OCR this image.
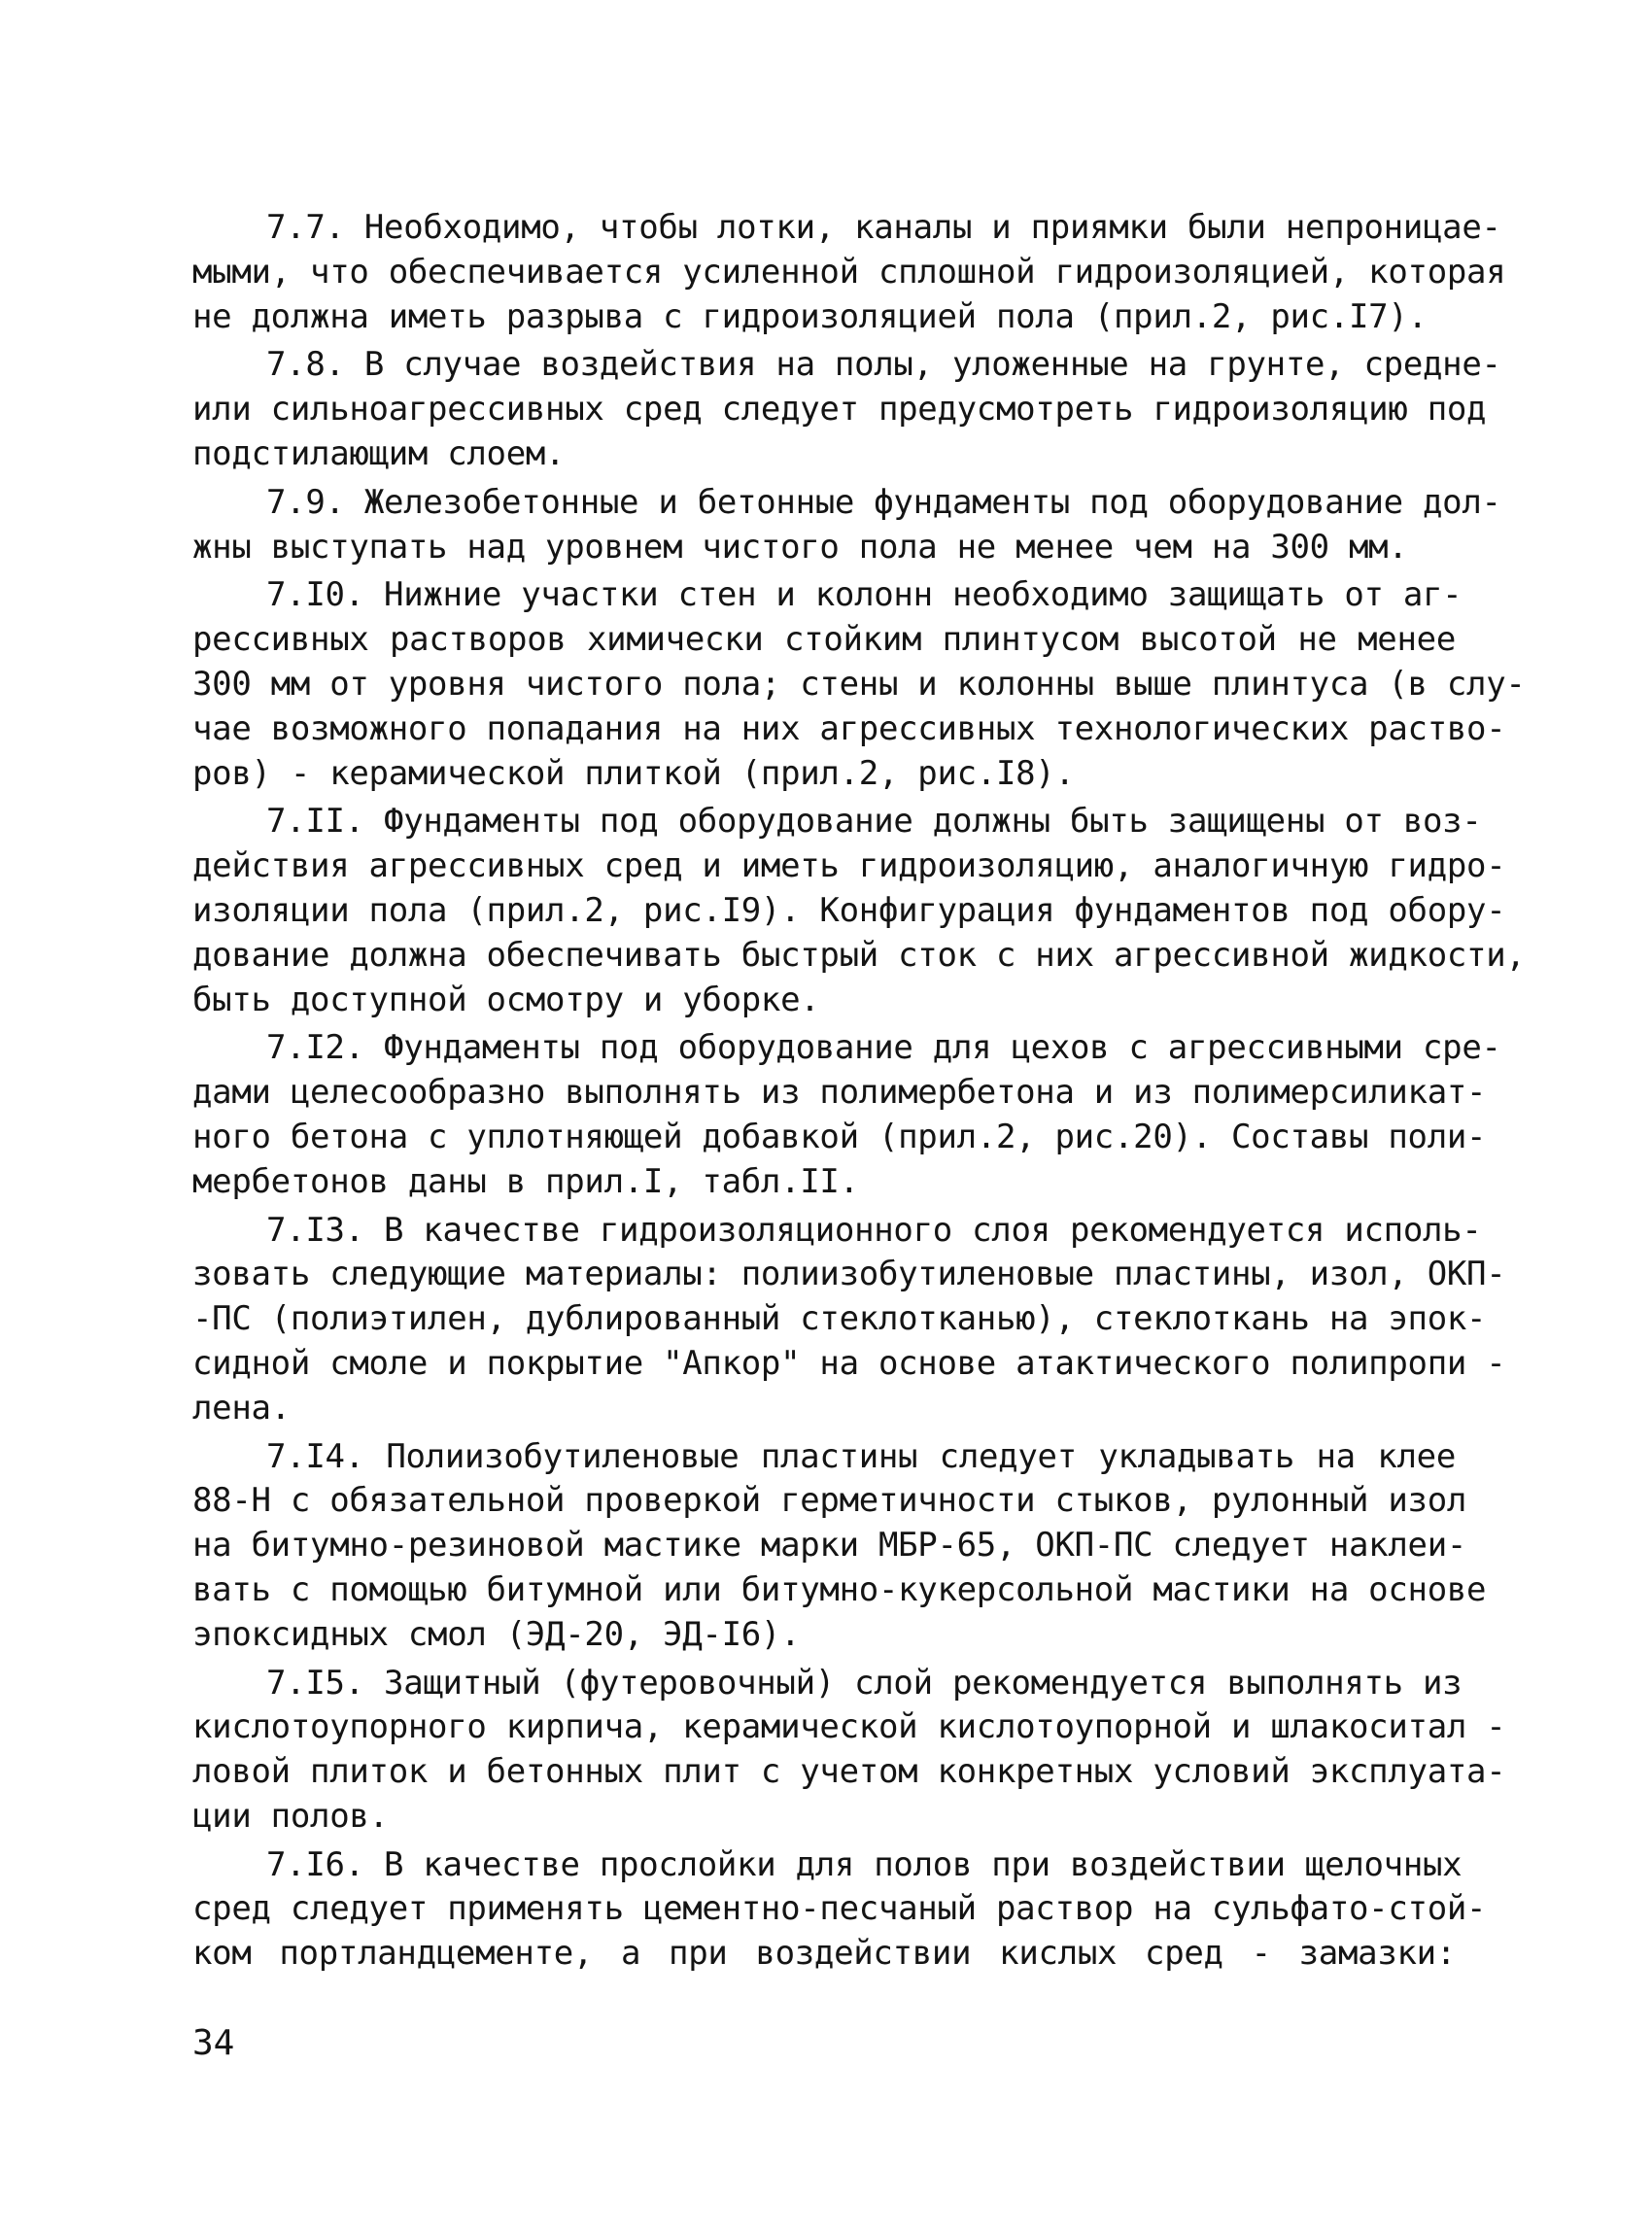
7.7. Необходимо, чтобы лотки, каналы и приямки были непроницае-
мыми, что обеспечивается усиленной сплошной гидроизоляцией, которая
не должна иметь разрыва с гидроизоляцией пола (прил.2, рис.I7).
7.8. В случае воздействия на полы, уложенные на грунте, средне-
или сильноагрессивных сред следует предусмотреть гидроизоляцию под
подстилающим слоем.
7.9. Железобетонные и бетонные фундаменты под оборудование дол-
жны выступать над уровнем чистого пола не менее чем на 300 мм.
7.I0. Нижние участки стен и колонн необходимо защищать от аг-
рессивных растворов химически стойким плинтусом высотой не менее
300 мм от уровня чистого пола; стены и колонны выше плинтуса (в слу-
чае возможного попадания на них агрессивных технологических раство-
ров) - керамической плиткой (прил.2, рис.I8).
7.II. Фундаменты под оборудование должны быть защищены от воз-
действия агрессивных сред и иметь гидроизоляцию, аналогичную гидро-
изоляции пола (прил.2, рис.I9). Конфигурация фундаментов под обору-
дование должна обеспечивать быстрый сток с них агрессивной жидкости,
быть доступной осмотру и уборке.
7.I2. Фундаменты под оборудование для цехов с агрессивными сре-
дами целесообразно выполнять из полимербетона и из полимерсиликат-
ного бетона с уплотняющей добавкой (прил.2, рис.20). Составы поли-
мербетонов даны в прил.I, табл.II.
7.I3. В качестве гидроизоляционного слоя рекомендуется исполь-
зовать следующие материалы: полиизобутиленовые пластины, изол, ОКП-
-ПС (полиэтилен, дублированный стеклотканью), стеклоткань на эпок-
сидной смоле и покрытие "Апкор" на основе атактического полипропи -
лена.
7.I4. Полиизобутиленовые пластины следует укладывать на клее
88-Н с обязательной проверкой герметичности стыков, рулонный изол
на битумно-резиновой мастике марки МБР-65, ОКП-ПС следует наклеи-
вать с помощью битумной или битумно-кукерсольной мастики на основе
эпоксидных смол (ЭД-20, ЭД-I6).
7.I5. Защитный (футеровочный) слой рекомендуется выполнять из
кислотоупорного кирпича, керамической кислотоупорной и шлакоситал -
ловой плиток и бетонных плит с учетом конкретных условий эксплуата-
ции полов.
7.I6. В качестве прослойки для полов при воздействии щелочных
сред следует применять цементно-песчаный раствор на сульфато-стой-
ком портландцементе, а при воздействии кислых сред - замазки:
34
